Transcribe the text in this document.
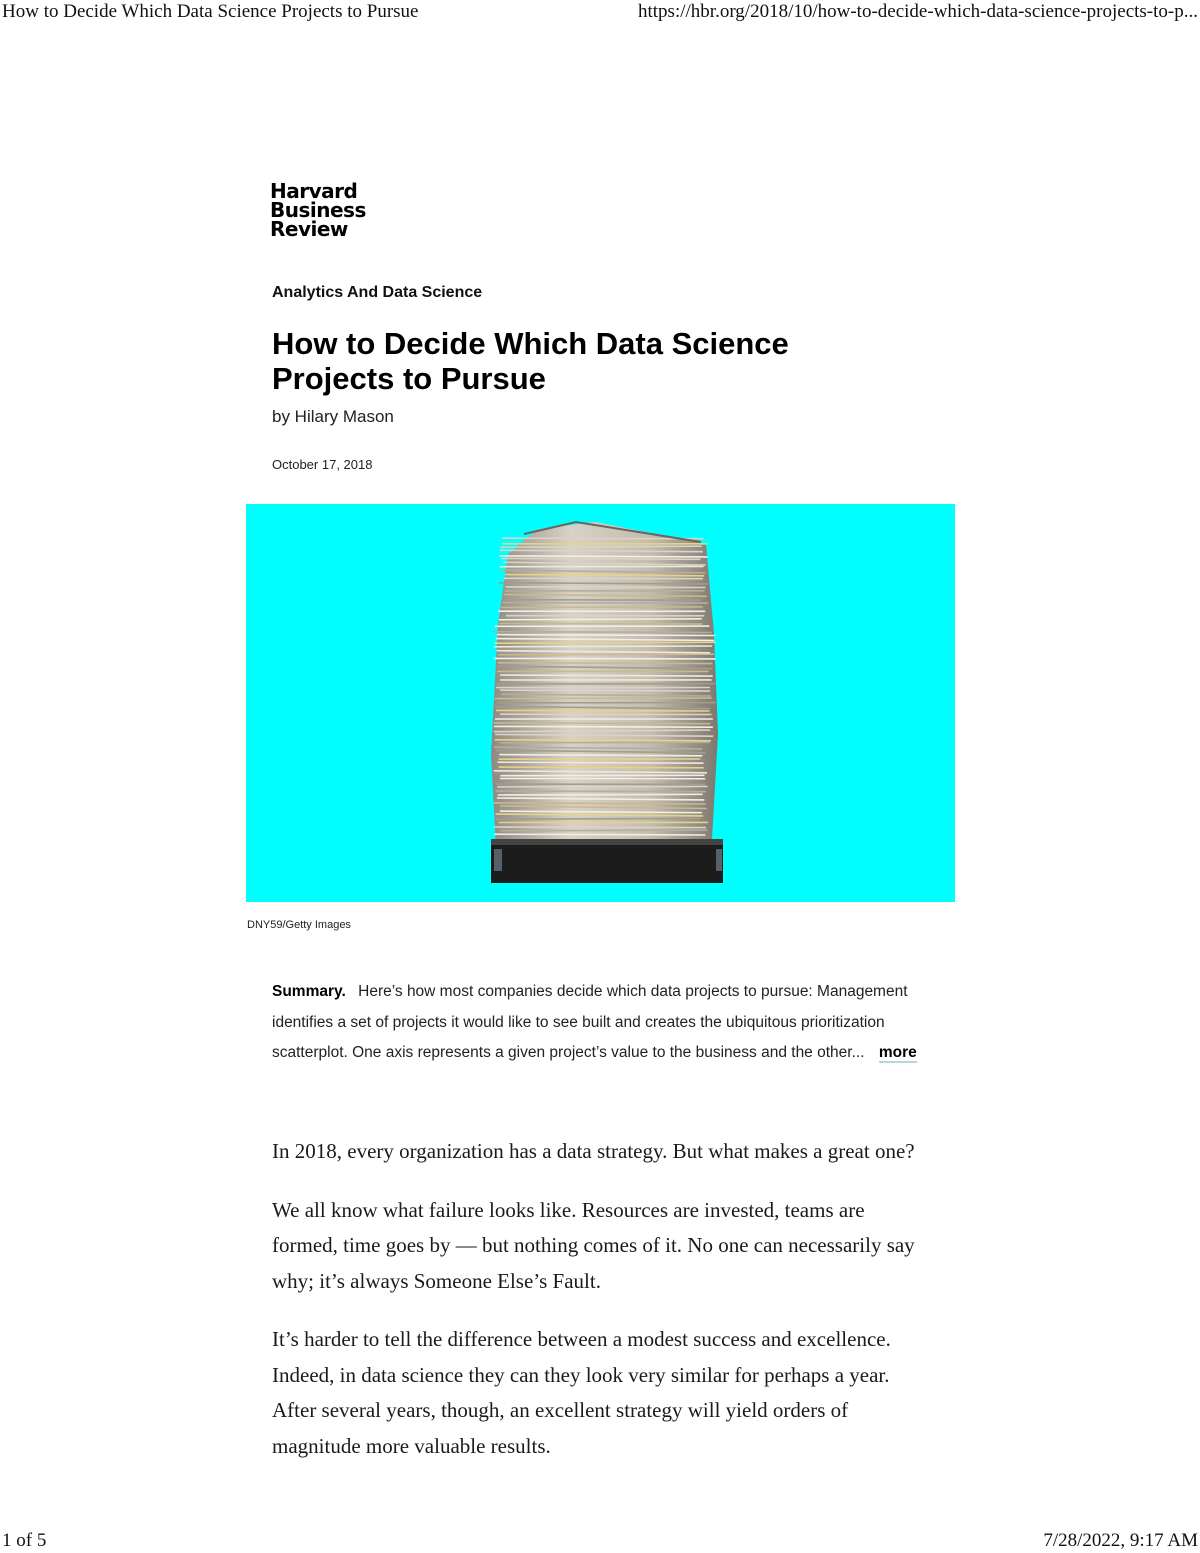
How to Decide Which Data Science Projects to Pursue	https://hbr.org/2018/10/how-to-decide-which-data-science-projects-to-p...
Harvard
Business
Review
Analytics And Data Science
How to Decide Which Data Science Projects to Pursue
by Hilary Mason
October 17, 2018
DNY59/Getty Images
Summary. Here’s how most companies decide which data projects to pursue: Management identifies a set of projects it would like to see built and creates the ubiquitous prioritization scatterplot. One axis represents a given project’s value to the business and the other... more

In 2018, every organization has a data strategy. But what makes a great one?

We all know what failure looks like. Resources are invested, teams are formed, time goes by — but nothing comes of it. No one can necessarily say why; it’s always Someone Else’s Fault.

It’s harder to tell the difference between a modest success and excellence. Indeed, in data science they can they look very similar for perhaps a year. After several years, though, an excellent strategy will yield orders of magnitude more valuable results.

1 of 5	7/28/2022, 9:17 AM
